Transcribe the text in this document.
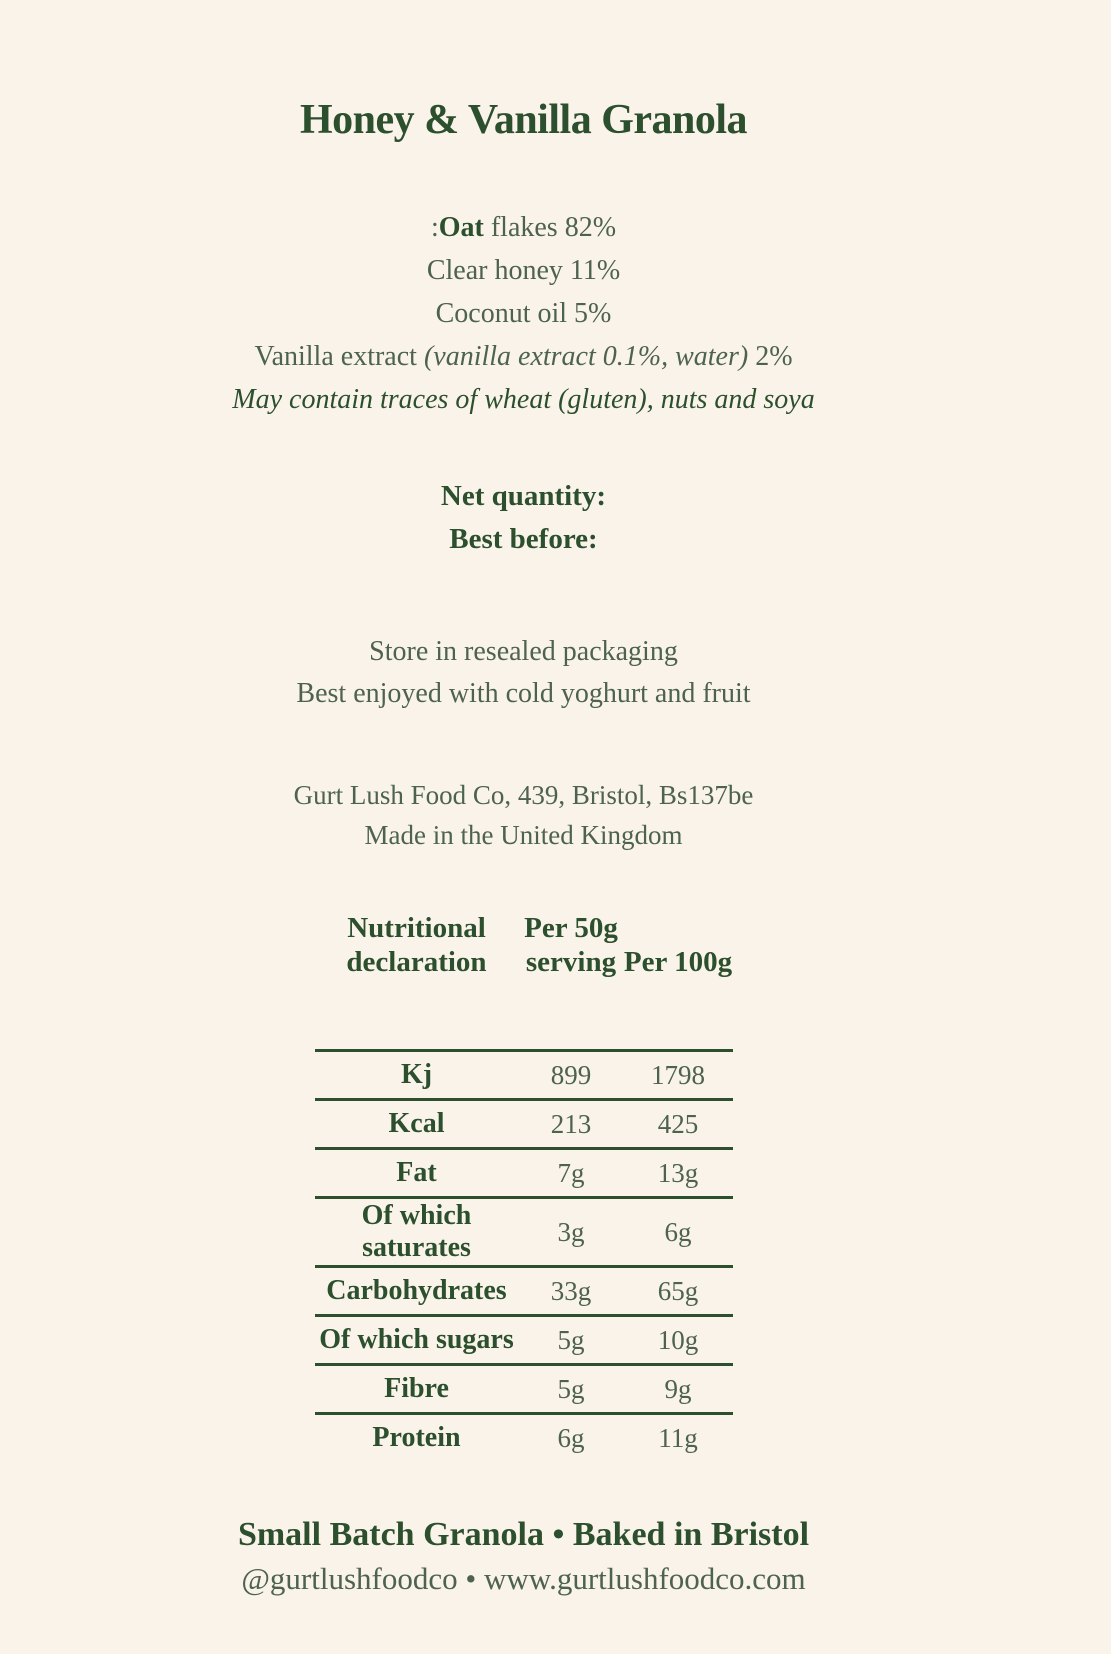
Honey & Vanilla Granola

:Oat flakes 82%

Clear honey 11%

Coconut oil 5%

Vanilla extract (vanilla extract 0.1%, water) 2%

May contain traces of wheat (gluten), nuts and soya

Net quantity:

Best before:

Store in resealed packaging

Best enjoyed with cold yoghurt and fruit

Gurt Lush Food Co, 439, Bristol, Bs137be

Made in the United Kingdom

Nutritional declaration
Per 50g serving Per 100g
Kj	899	1798
Kcal	213	425
Fat	7g	13g
Of which saturates
3g	6g
Carbohydrates	33g	65g
Of which sugars	5g	10g
Fibre	5g	9g
Protein	6g	11g

Small Batch Granola • Baked in Bristol

@gurtlushfoodco • www.gurtlushfoodco.com
